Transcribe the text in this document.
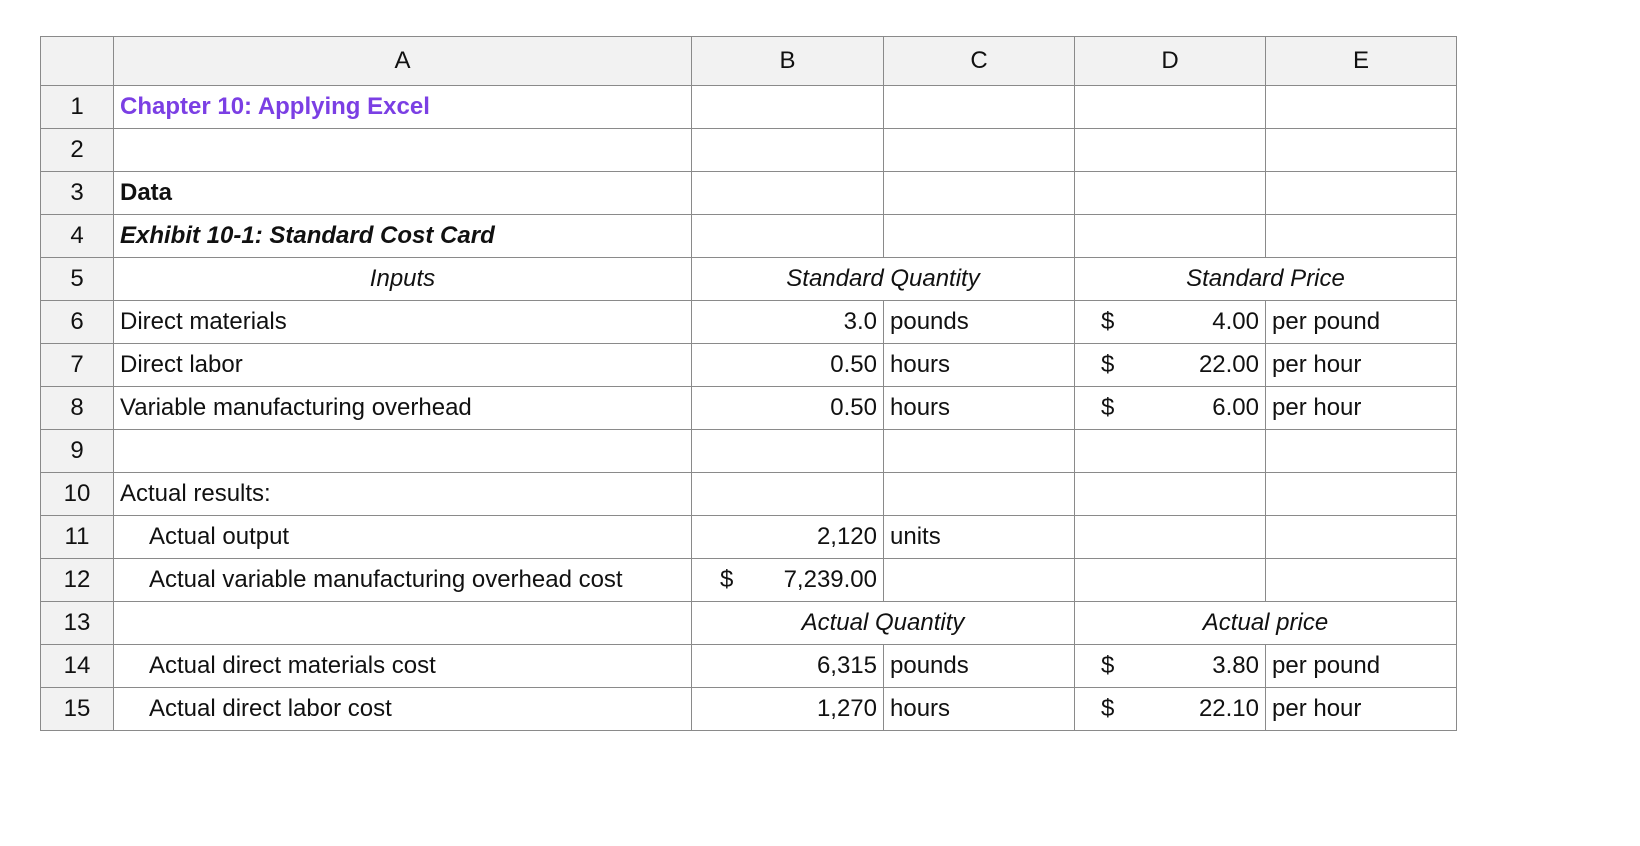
	A	B	C	D	E
1	Chapter 10: Applying Excel				
2					
3	Data				
4	Exhibit 10-1: Standard Cost Card				
5	Inputs	Standard Quantity		Standard Price	
6	Direct materials	3.0	pounds	$ 4.00	per pound
7	Direct labor	0.50	hours	$ 22.00	per hour
8	Variable manufacturing overhead	0.50	hours	$ 6.00	per hour
9					
10	Actual results:				
11	Actual output	2,120	units		
12	Actual variable manufacturing overhead cost	$ 7,239.00			

13		Actual Quantity		Actual price	
14	Actual direct materials cost	6,315	pounds	$ 3.80	per pound
15	Actual direct labor cost	1,270	hours	$ 22.10	per hour
